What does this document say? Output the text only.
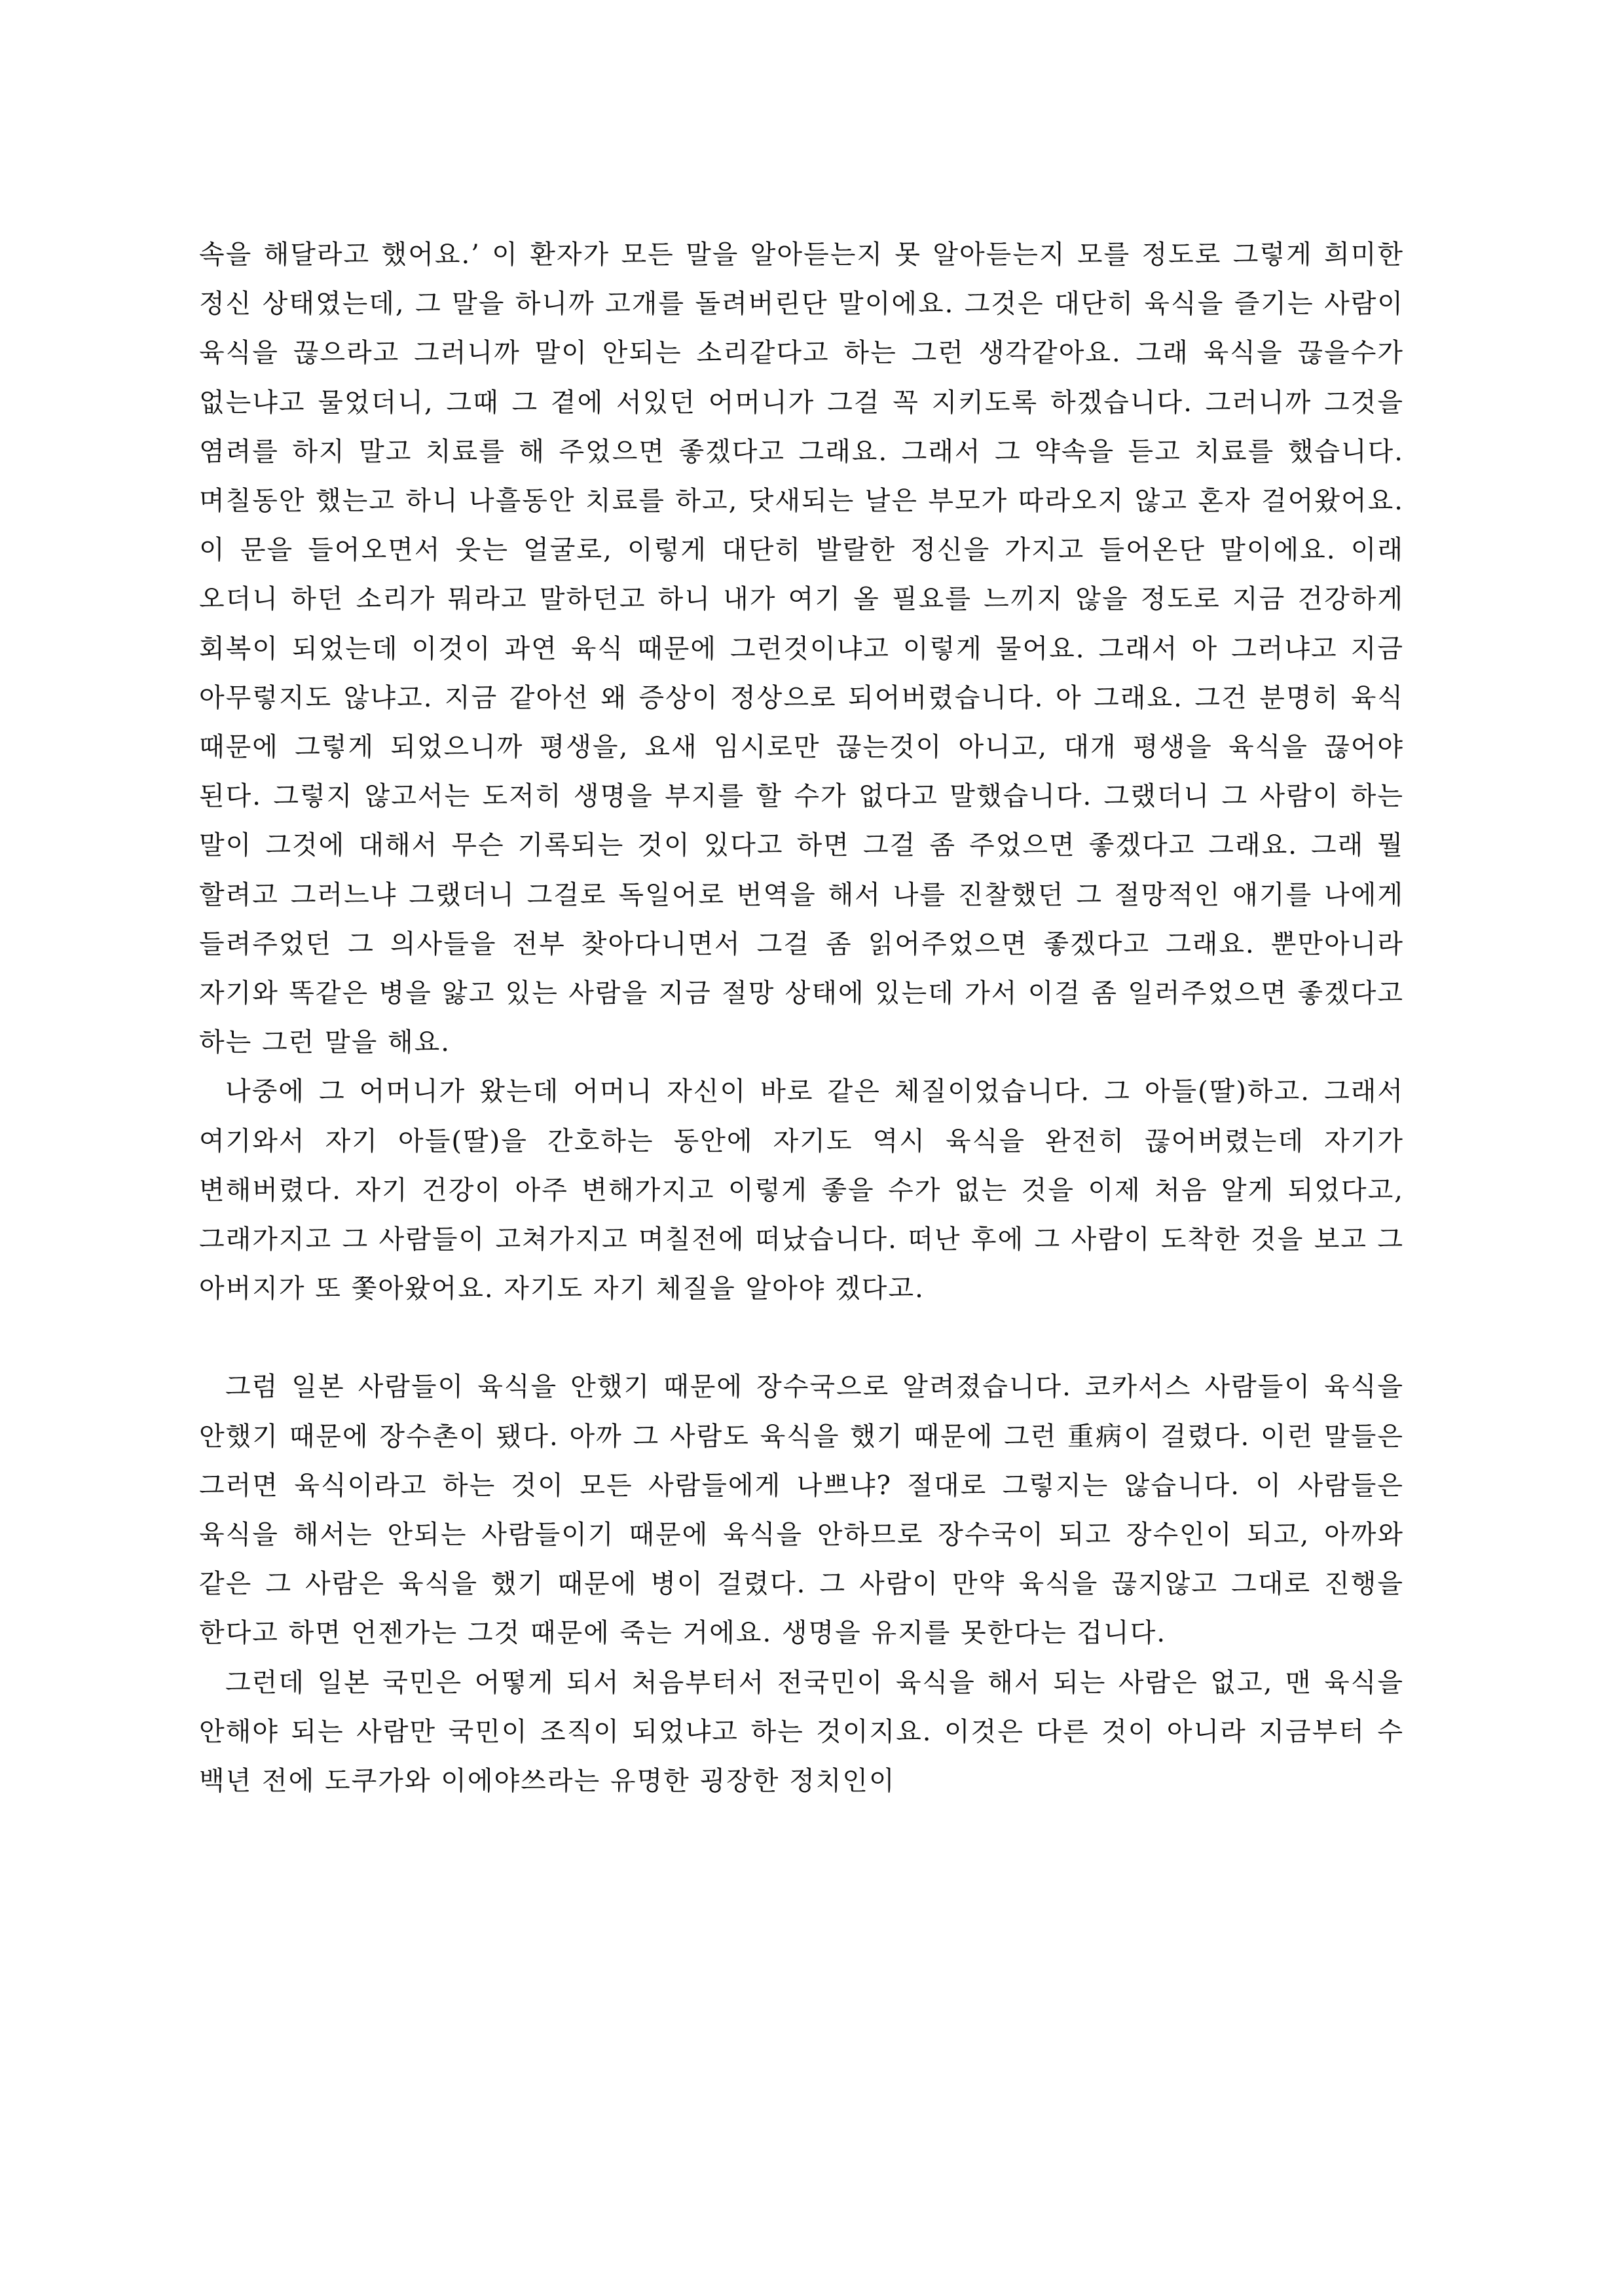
속을 해달라고 했어요.’ 이 환자가 모든 말을 알아듣는지 못 알아듣는지 모를 정도로 그렇게 희미한 정신 상태였는데, 그 말을 하니까 고개를 돌려버린단 말이에요. 그것은 대단히 육식을 즐기는 사람이 육식을 끊으라고 그러니까 말이 안되는 소리같다고 하는 그런 생각같아요. 그래 육식을 끊을수가 없는냐고 물었더니, 그때 그 곁에 서있던 어머니가 그걸 꼭 지키도록 하겠습니다. 그러니까 그것을 염려를 하지 말고 치료를 해 주었으면 좋겠다고 그래요. 그래서 그 약속을 듣고 치료를 했습니다. 며칠동안 했는고 하니 나흘동안 치료를 하고, 닷새되는 날은 부모가 따라오지 않고 혼자 걸어왔어요. 이 문을 들어오면서 웃는 얼굴로, 이렇게 대단히 발랄한 정신을 가지고 들어온단 말이에요. 이래 오더니 하던 소리가 뭐라고 말하던고 하니 내가 여기 올 필요를 느끼지 않을 정도로 지금 건강하게 회복이 되었는데 이것이 과연 육식 때문에 그런것이냐고 이렇게 물어요. 그래서 아 그러냐고 지금 아무렇지도 않냐고. 지금 같아선 왜 증상이 정상으로 되어버렸습니다. 아 그래요. 그건 분명히 육식 때문에 그렇게 되었으니까 평생을, 요새 임시로만 끊는것이 아니고, 대개 평생을 육식을 끊어야 된다. 그렇지 않고서는 도저히 생명을 부지를 할 수가 없다고 말했습니다. 그랬더니 그 사람이 하는 말이 그것에 대해서 무슨 기록되는 것이 있다고 하면 그걸 좀 주었으면 좋겠다고 그래요. 그래 뭘 할려고 그러느냐 그랬더니 그걸로 독일어로 번역을 해서 나를 진찰했던 그 절망적인 얘기를 나에게 들려주었던 그 의사들을 전부 찾아다니면서 그걸 좀 읽어주었으면 좋겠다고 그래요. 뿐만아니라 자기와 똑같은 병을 앓고 있는 사람을 지금 절망 상태에 있는데 가서 이걸 좀 일러주었으면 좋겠다고 하는 그런 말을 해요.

나중에 그 어머니가 왔는데 어머니 자신이 바로 같은 체질이었습니다. 그 아들(딸)하고. 그래서 여기와서 자기 아들(딸)을 간호하는 동안에 자기도 역시 육식을 완전히 끊어버렸는데 자기가 변해버렸다. 자기 건강이 아주 변해가지고 이렇게 좋을 수가 없는 것을 이제 처음 알게 되었다고, 그래가지고 그 사람들이 고쳐가지고 며칠전에 떠났습니다. 떠난 후에 그 사람이 도착한 것을 보고 그 아버지가 또 쫓아왔어요. 자기도 자기 체질을 알아야 겠다고.

그럼 일본 사람들이 육식을 안했기 때문에 장수국으로 알려졌습니다. 코카서스 사람들이 육식을 안했기 때문에 장수촌이 됐다. 아까 그 사람도 육식을 했기 때문에 그런 重病이 걸렸다. 이런 말들은 그러면 육식이라고 하는 것이 모든 사람들에게 나쁘냐? 절대로 그렇지는 않습니다. 이 사람들은 육식을 해서는 안되는 사람들이기 때문에 육식을 안하므로 장수국이 되고 장수인이 되고, 아까와 같은 그 사람은 육식을 했기 때문에 병이 걸렸다. 그 사람이 만약 육식을 끊지않고 그대로 진행을 한다고 하면 언젠가는 그것 때문에 죽는 거에요. 생명을 유지를 못한다는 겁니다.

그런데 일본 국민은 어떻게 되서 처음부터서 전국민이 육식을 해서 되는 사람은 없고, 맨 육식을 안해야 되는 사람만 국민이 조직이 되었냐고 하는 것이지요. 이것은 다른 것이 아니라 지금부터 수 백년 전에 도쿠가와 이에야쓰라는 유명한 굉장한 정치인이
